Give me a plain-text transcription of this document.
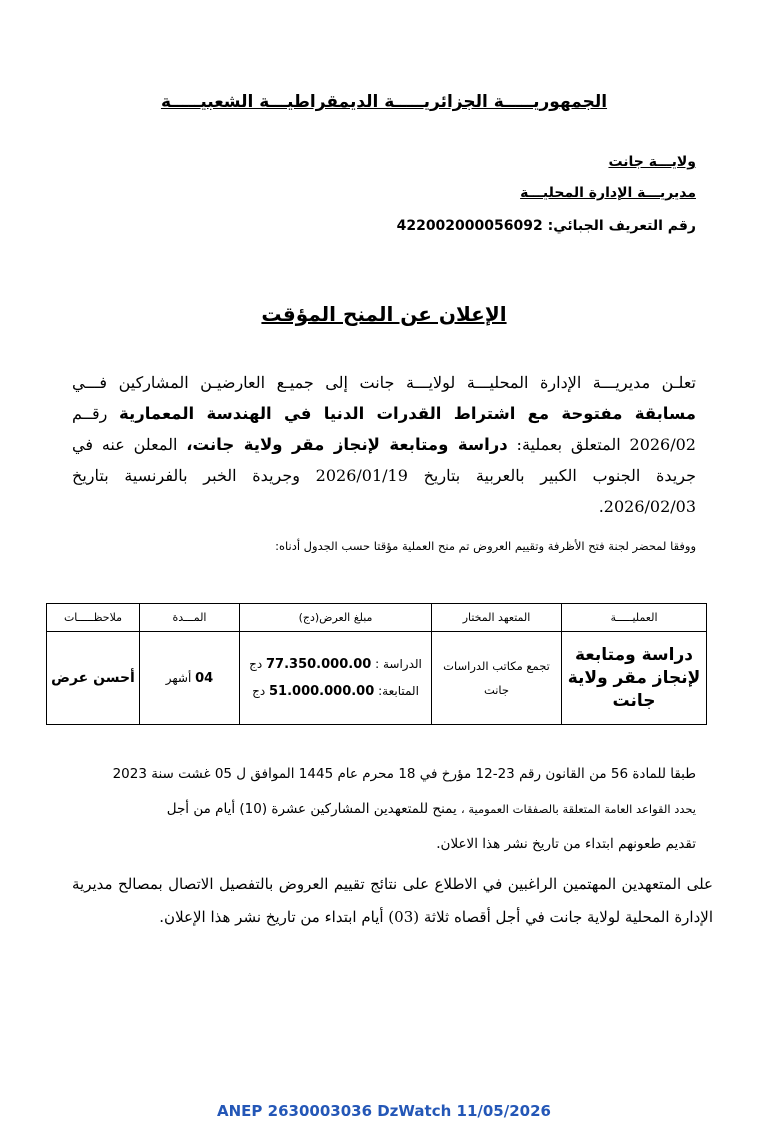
الجمهوريـــــة الجزائريـــــة الديمقراطيـــة الشعبيـــــة
ولايـــة جانت
مديريـــة الإدارة المحليـــة
رقم التعريف الجبائي: 422002000056092
الإعلان عن المنح المؤقت
تعلـن مديريـــة الإدارة المحليـــة لولايـــة جانت إلى جميـع العارضيـن المشاركين فـــي مسابقة مفتوحة مع اشتراط القدرات الدنيا في الهندسة المعمارية رقــم 2026/02 المتعلق بعملية: دراسة ومتابعة لإنجاز مقر ولاية جانت، المعلن عنه في جريدة الجنوب الكبير بالعربية بتاريخ 2026/01/19 وجريدة الخبر بالفرنسية بتاريخ 2026/02/03.
ووفقا لمحضر لجنة فتح الأظرفة وتقييم العروض تم منح العملية مؤقتا حسب الجدول أدناه:
العمليـــــة	المتعهد المختار	مبلغ العرض(دج)	المـــدة	ملاحظـــــات
دراسة ومتابعة لإنجاز مقر ولاية جانت	تجمع مكاتب الدراسات جانت	الدراسة : 77.350.000.00 دج
المتابعة: 51.000.000.00 دج	04 أشهر	أحسن عرض
طبقا للمادة 56 من القانون رقم 23-12 مؤرخ في 18 محرم عام 1445 الموافق ل 05 غشت سنة 2023
يحدد القواعد العامة المتعلقة بالصفقات العمومية ، يمنح للمتعهدين المشاركين عشرة (10) أيام من أجل
تقديم طعونهم ابتداء من تاريخ نشر هذا الاعلان.
على المتعهدين المهتمين الراغبين في الاطلاع على نتائج تقييم العروض بالتفصيل الاتصال بمصالح مديرية الإدارة المحلية لولاية جانت في أجل أقصاه ثلاثة (03) أيام ابتداء من تاريخ نشر هذا الإعلان.
ANEP 2630003036 DzWatch 11/05/2026
